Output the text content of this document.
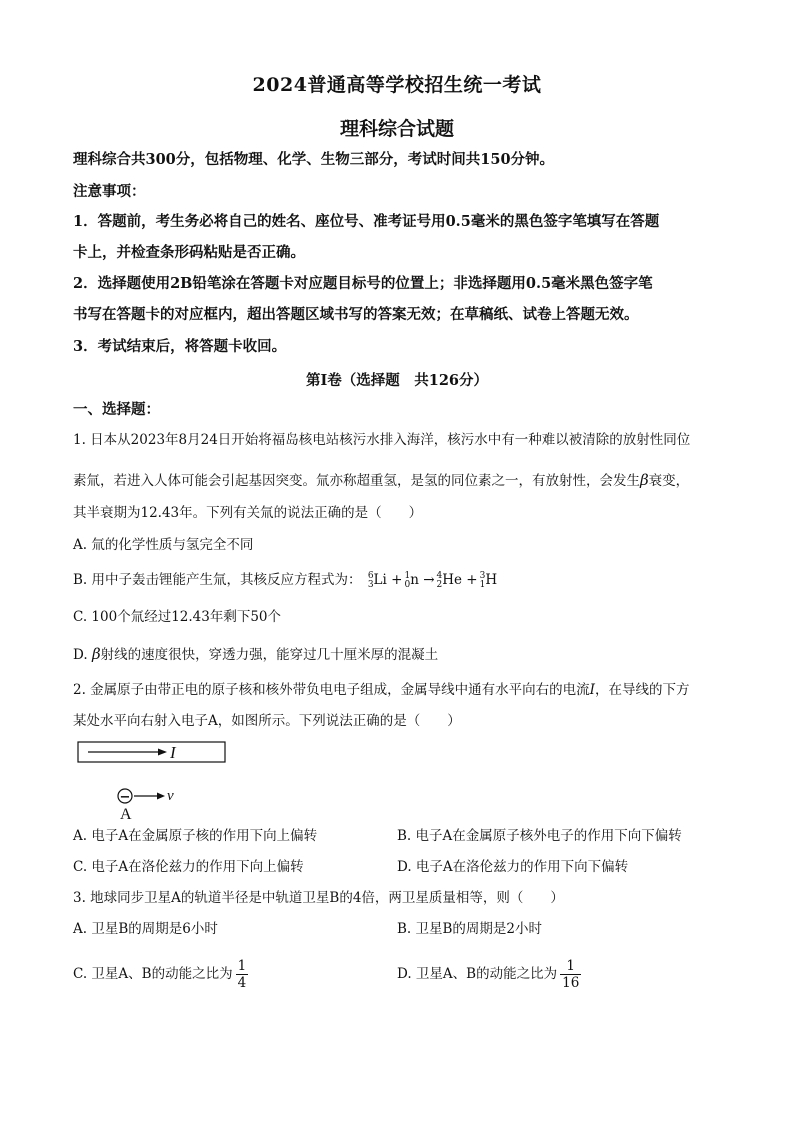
2024普通高等学校招生统一考试
理科综合试题
理科综合共300分，包括物理、化学、生物三部分，考试时间共150分钟。
注意事项：
1．答题前，考生务必将自己的姓名、座位号、准考证号用0.5毫米的黑色签字笔填写在答题
卡上，并检查条形码粘贴是否正确。
2．选择题使用2B铅笔涂在答题卡对应题目标号的位置上；非选择题用0.5毫米黑色签字笔
书写在答题卡的对应框内，超出答题区域书写的答案无效；在草稿纸、试卷上答题无效。
3．考试结束后，将答题卡收回。
第Ⅰ卷（选择题　共126分）
一、选择题：
1. 日本从2023年8月24日开始将福岛核电站核污水排入海洋，核污水中有一种难以被清除的放射性同位
素氚，若进入人体可能会引起基因突变。氚亦称超重氢，是氢的同位素之一，有放射性，会发生β衰变，
其半衰期为12.43年。下列有关氚的说法正确的是（　　）
A. 氚的化学性质与氢完全不同
B. 用中子轰击锂能产生氚，其核反应方程式为： 6
3 Li + 1
0 n → 4
2 He + 3
1 H
C. 100个氚经过12.43年剩下50个
D. β射线的速度很快，穿透力强，能穿过几十厘米厚的混凝土
2. 金属原子由带正电的原子核和核外带负电电子组成，金属导线中通有水平向右的电流I，在导线的下方
某处水平向右射入电子A，如图所示。下列说法正确的是（　　）
I
− v
A
A. 电子A在金属原子核的作用下向上偏转	B. 电子A在金属原子核外电子的作用下向下偏转
C. 电子A在洛伦兹力的作用下向上偏转	D. 电子A在洛伦兹力的作用下向下偏转
3. 地球同步卫星A的轨道半径是中轨道卫星B的4倍，两卫星质量相等，则（　　）
A. 卫星B的周期是6小时	B. 卫星B的周期是2小时
C. 卫星A、B的动能之比为 $\frac{1}{4}$	D. 卫星A、B的动能之比为 $\frac{1}{16}$
